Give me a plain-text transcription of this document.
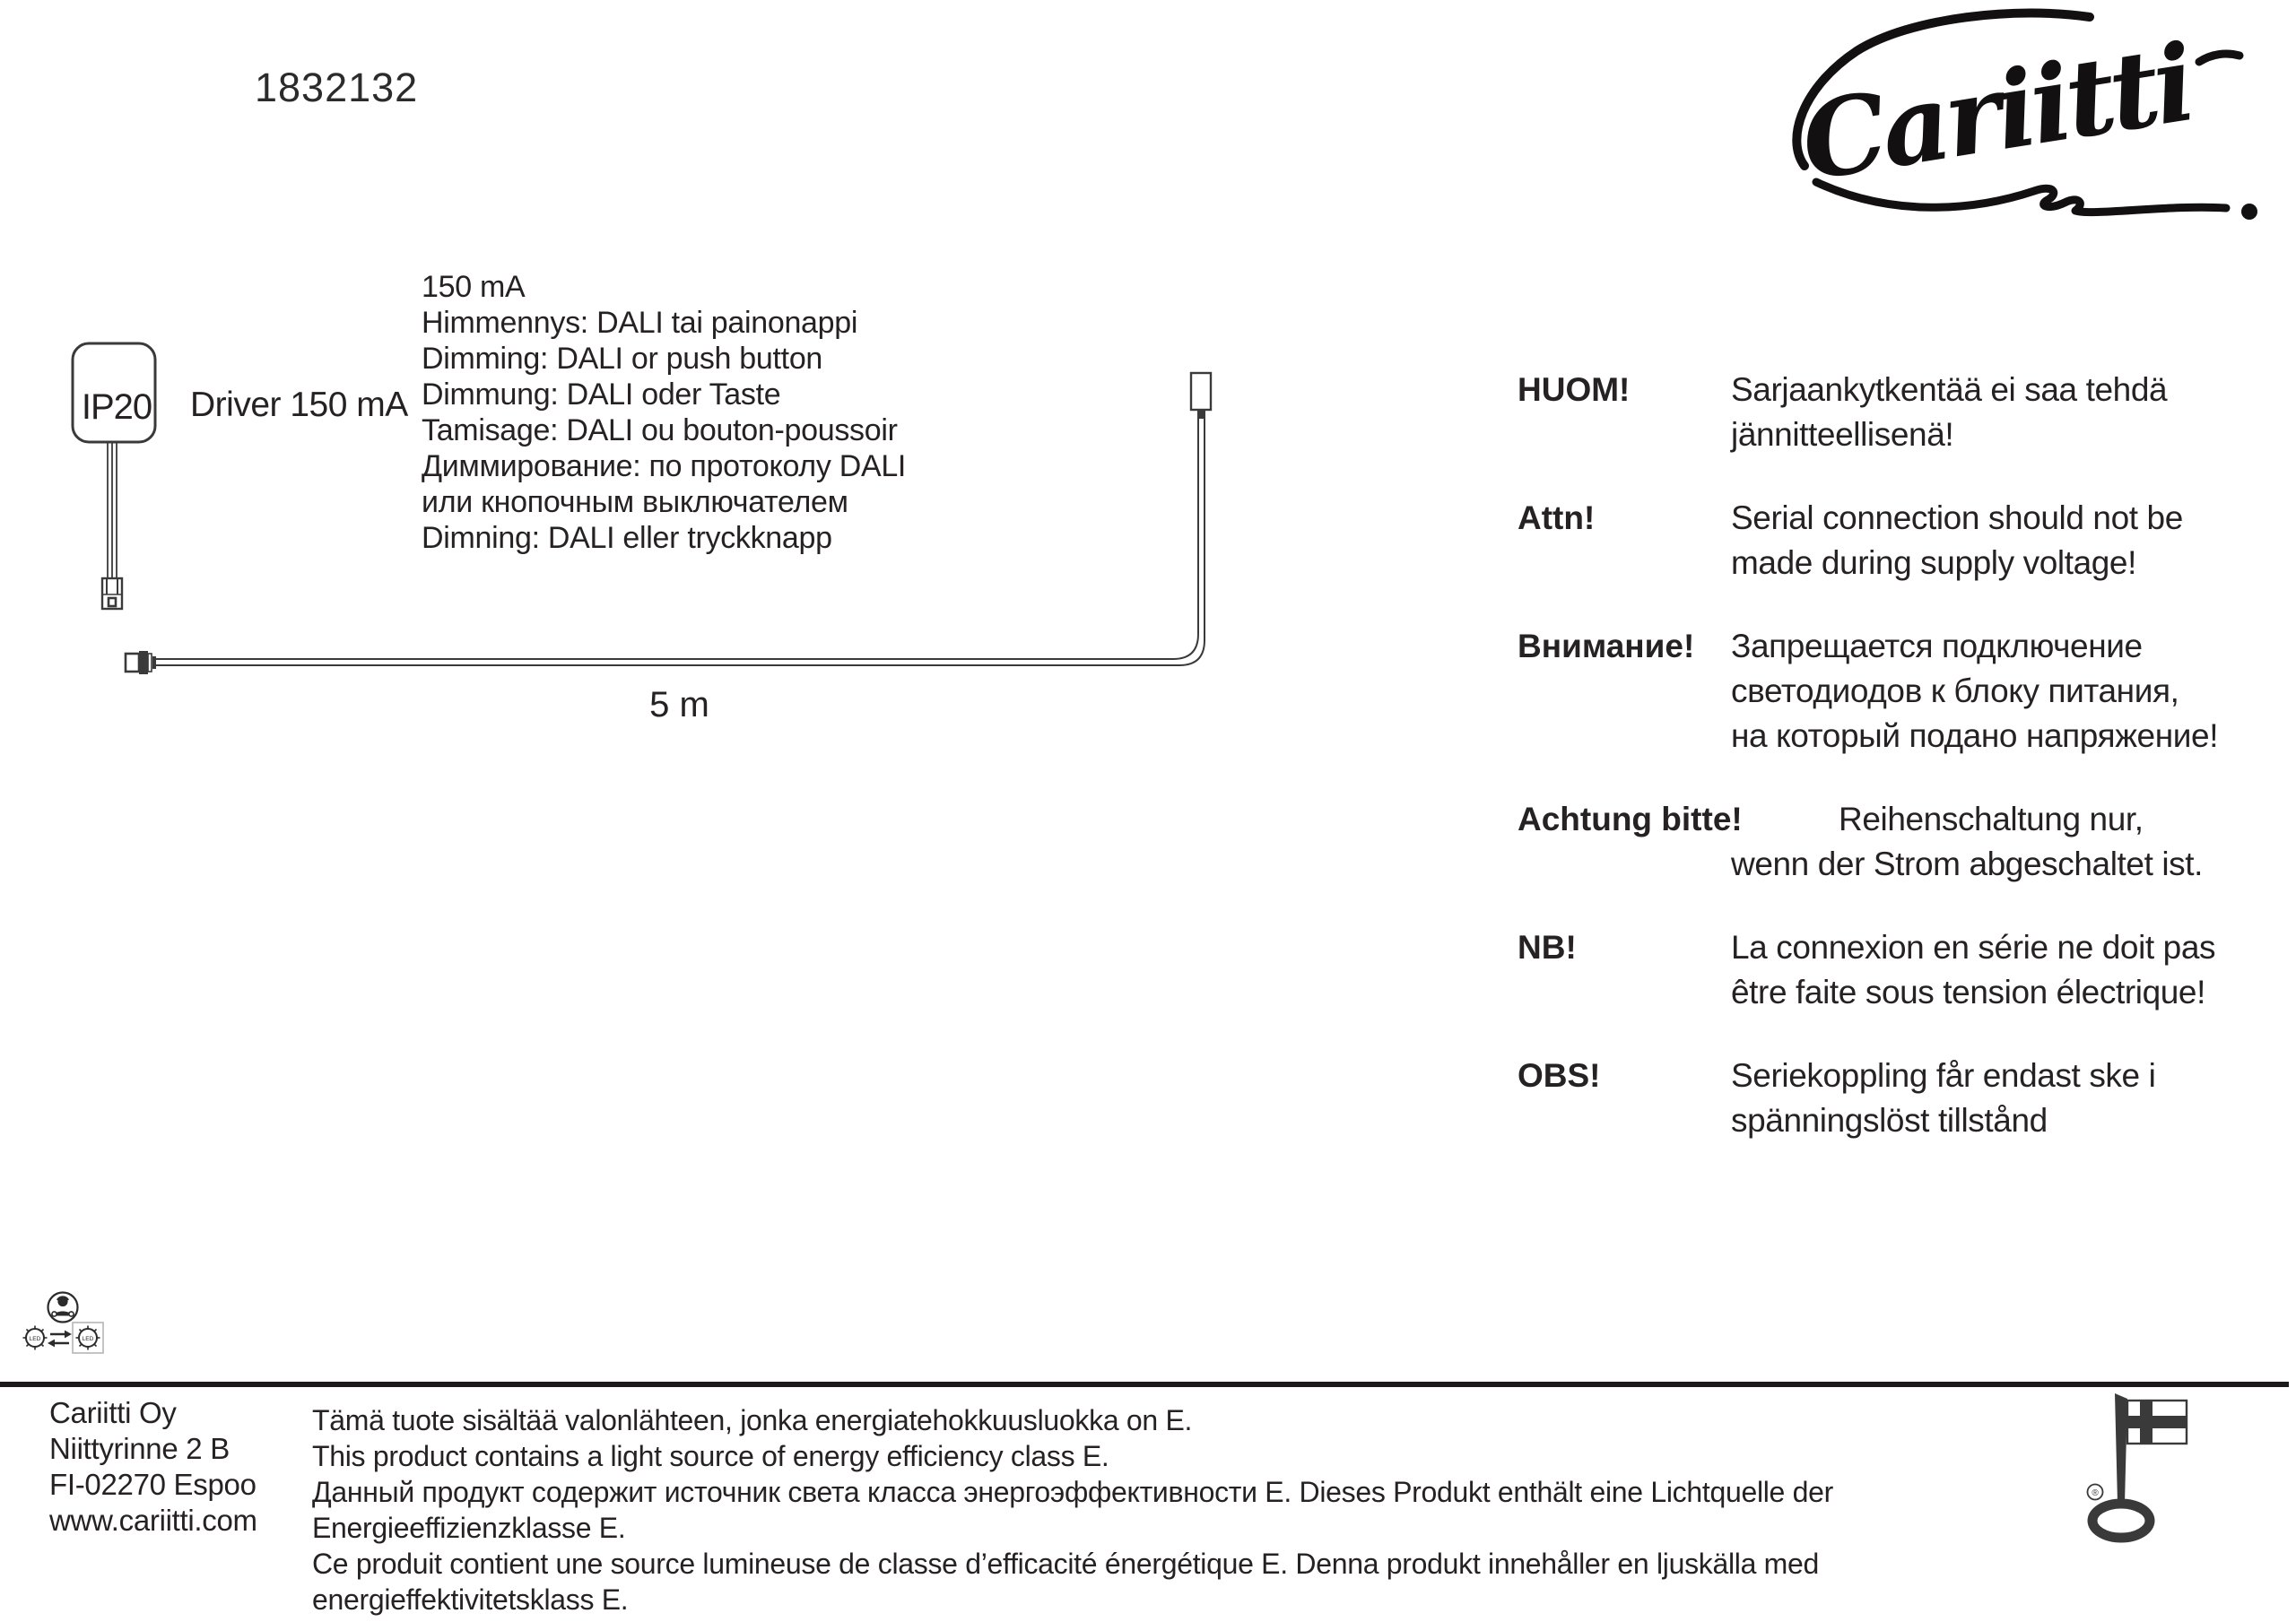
1832132	Cariitti
IP20 Driver 150 mA
5 m
150 mA
Himmennys: DALI tai painonappi
Dimming: DALI or push button
Dimmung: DALI oder Taste
Tamisage: DALI ou bouton-poussoir
Диммирование: по протоколу DALI
или кнопочным выключателем
Dimning: DALI eller tryckknapp
HUOM!	Sarjaankytkentää ei saa tehdä
jännitteellisenä!
Attn!	Serial connection should not be
made during supply voltage!
Внимание!	Запрещается подключение
светодиодов к блоку питания,
на который подано напряжение!
Achtung bitte!	Reihenschaltung nur,
wenn der Strom abgeschaltet ist.
NB!	La connexion en série ne doit pas
être faite sous tension électrique!
OBS!	Seriekoppling får endast ske i
spänningslöst tillstånd
LED	LED
Cariitti Oy
Niittyrinne 2 B
FI-02270 Espoo
www.cariitti.com
Tämä tuote sisältää valonlähteen, jonka energiatehokkuusluokka on E.
This product contains a light source of energy efficiency class E.
Данный продукт содержит источник света класса энергоэффективности E. Dieses Produkt enthält eine Lichtquelle der
Energieeffizienzklasse E.
Ce produit contient une source lumineuse de classe d’efficacité énergétique E. Denna produkt innehåller en ljuskälla med
energieffektivitetsklass E.
®
